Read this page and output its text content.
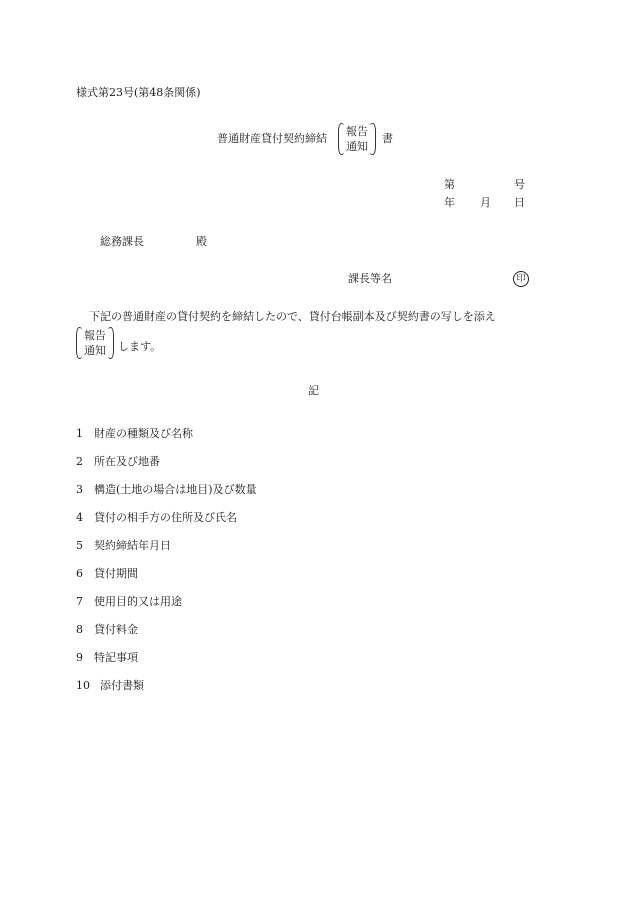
様式第23号(第48条関係)
普通財産貸付契約締結
報告
通知
書
第	号
年 月 日
総務課長	殿
課長等名	印
下記の普通財産の貸付契約を締結したので、貸付台帳副本及び契約書の写しを添え
報告
通知 します。
記
1 財産の種類及び名称
2 所在及び地番
3 構造(土地の場合は地目)及び数量
4 貸付の相手方の住所及び氏名
5 契約締結年月日
6 貸付期間
7 使用目的又は用途
8 貸付料金
9 特記事項
10 添付書類
